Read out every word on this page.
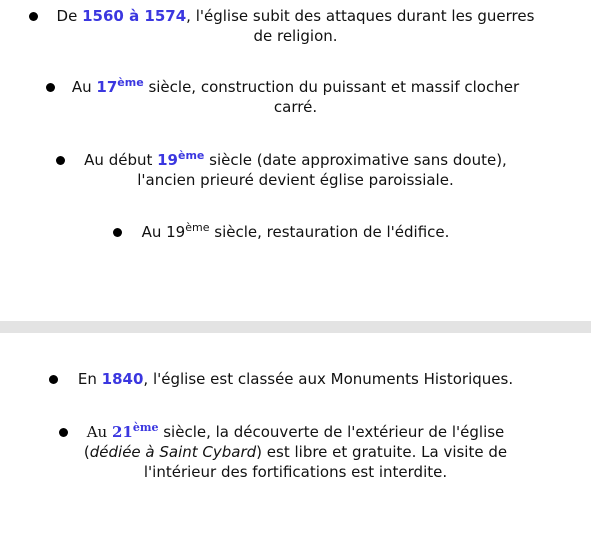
De 1560 à 1574, l'église subit des attaques durant les guerres
de religion.
Au 17ème siècle, construction du puissant et massif clocher
carré.
Au début 19ème siècle (date approximative sans doute),
l'ancien prieuré devient église paroissiale.
Au 19ème siècle, restauration de l'édifice.
En 1840, l'église est classée aux Monuments Historiques.
Au 21ème siècle, la découverte de l'extérieur de l'église
(dédiée à Saint Cybard) est libre et gratuite. La visite de
l'intérieur des fortifications est interdite.
